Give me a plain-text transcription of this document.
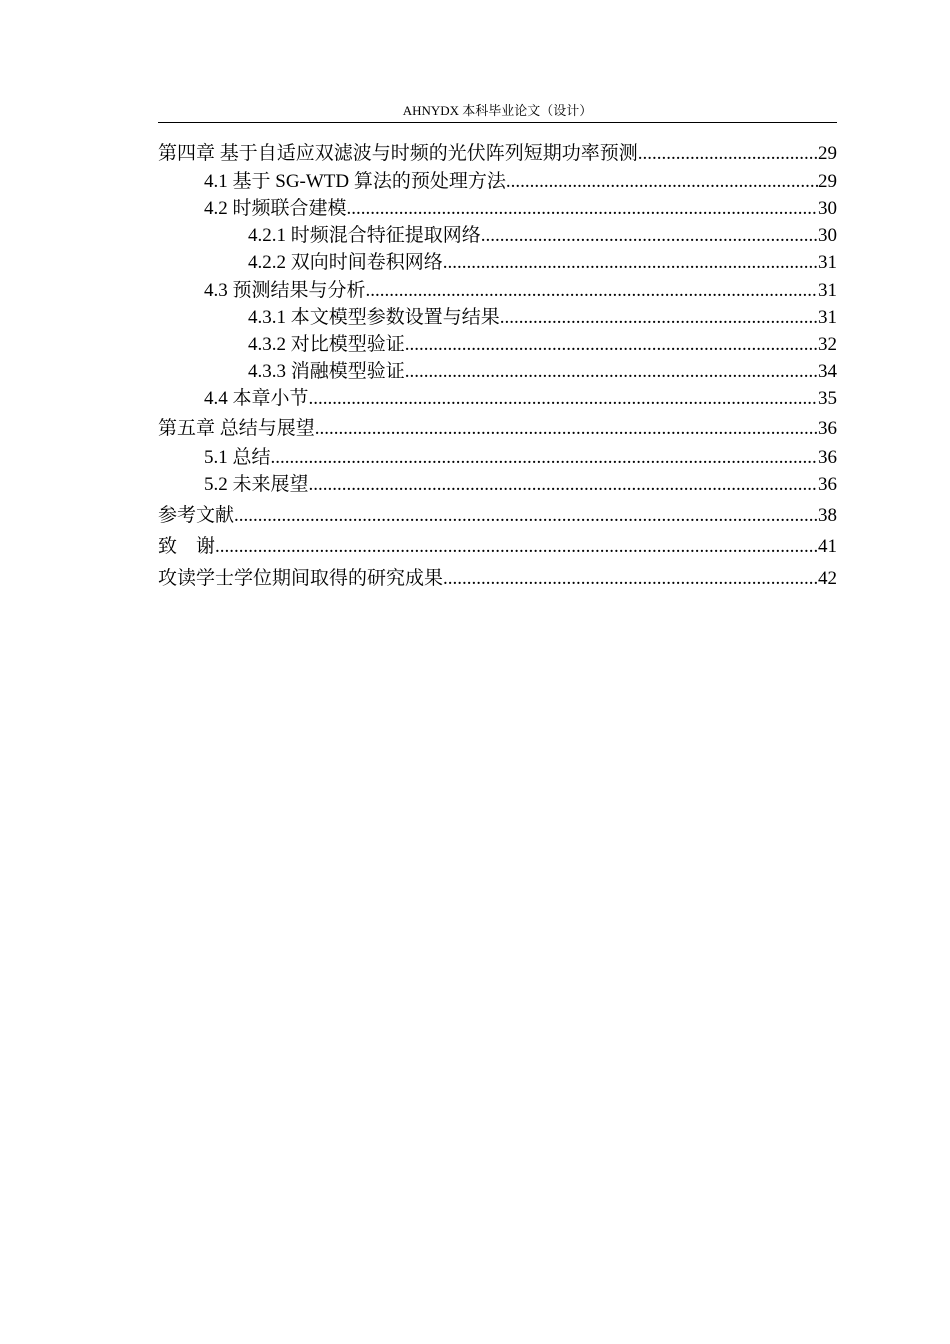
AHNYDX 本科毕业论文（设计）
第四章 基于自适应双滤波与时频的光伏阵列短期功率预测 .....	29
4.1 基于 SG-WTD 算法的预处理方法 .....	29
4.2 时频联合建模 .....	30
4.2.1 时频混合特征提取网络 .....	30
4.2.2 双向时间卷积网络 .....	31
4.3 预测结果与分析 .....	31
4.3.1 本文模型参数设置与结果 .....	31
4.3.2 对比模型验证 .....	32
4.3.3 消融模型验证 .....	34
4.4 本章小节 .....	35
第五章 总结与展望 .....	36
5.1 总结 .....	36
5.2 未来展望 .....	36
参考文献 .....	38
致    谢 .....	41
攻读学士学位期间取得的研究成果 .....	42
